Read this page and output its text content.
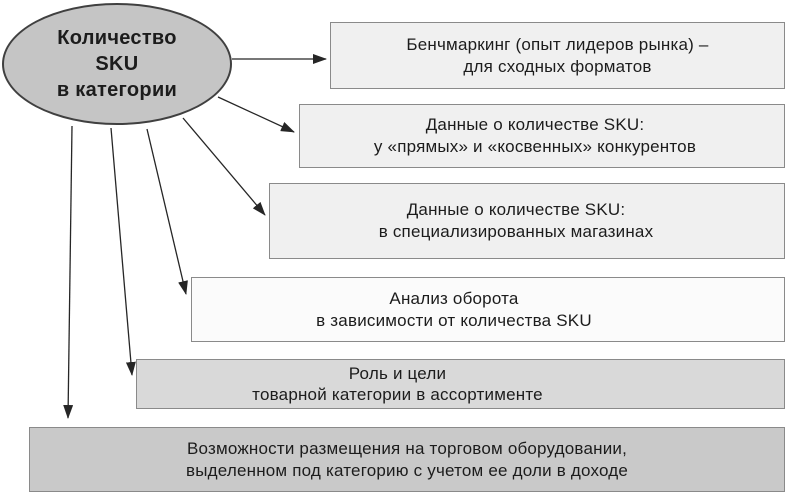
Количество
SKU
в категории
Бенчмаркинг (опыт лидеров рынка) –
для сходных форматов
Данные о количестве SKU:
у «прямых» и «косвенных» конкурентов
Данные о количестве SKU:
в специализированных магазинах
Анализ оборота
в зависимости от количества SKU
Роль и цели
товарной категории в ассортименте
Возможности размещения на торговом оборудовании,
выделенном под категорию с учетом ее доли в доходе
